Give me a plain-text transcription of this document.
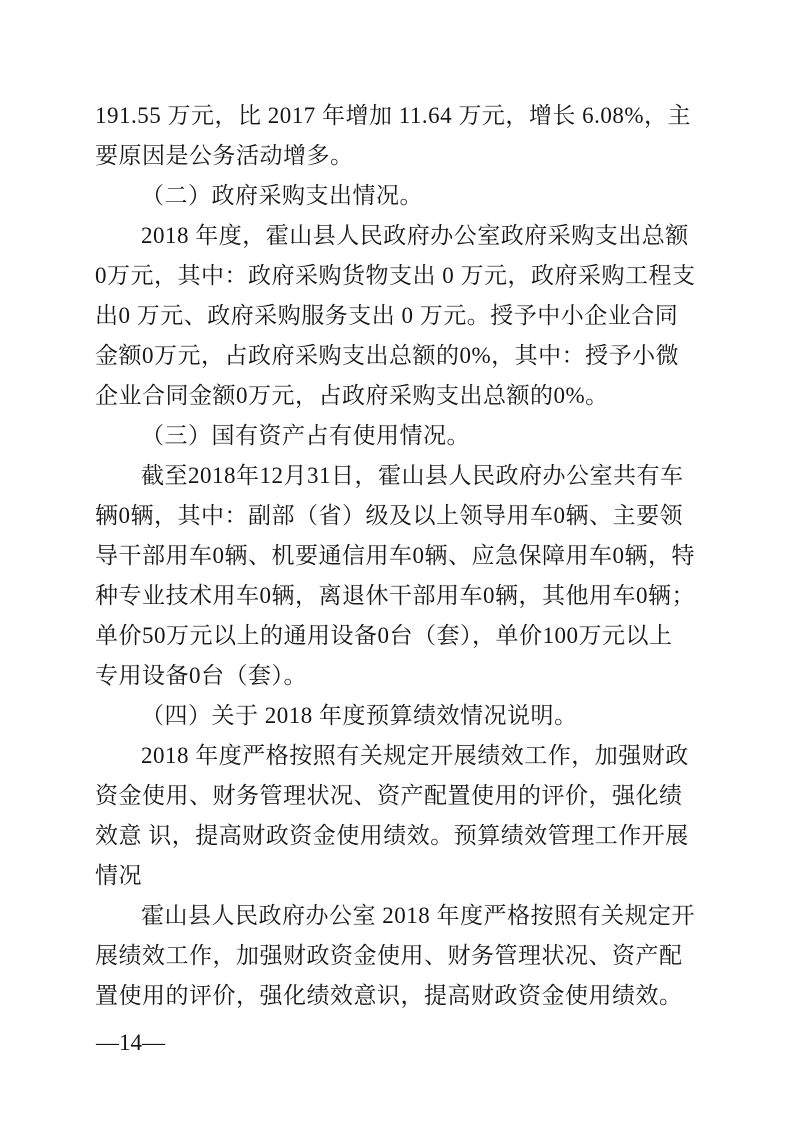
191.55 万元，比 2017 年增加 11.64 万元，增长 6.08%，主
要原因是公务活动增多。
（二）政府采购支出情况。
2018 年度，霍山县人民政府办公室政府采购支出总额
0万元，其中：政府采购货物支出 0 万元，政府采购工程支
出0 万元、政府采购服务支出 0 万元。授予中小企业合同
金额0万元，占政府采购支出总额的0%，其中：授予小微
企业合同金额0万元，占政府采购支出总额的0%。
（三）国有资产占有使用情况。
截至2018年12月31日，霍山县人民政府办公室共有车
辆0辆，其中：副部（省）级及以上领导用车0辆、主要领
导干部用车0辆、机要通信用车0辆、应急保障用车0辆，特
种专业技术用车0辆，离退休干部用车0辆，其他用车0辆；
单价50万元以上的通用设备0台（套），单价100万元以上
专用设备0台（套）。
（四）关于 2018 年度预算绩效情况说明。
2018 年度严格按照有关规定开展绩效工作，加强财政
资金使用、财务管理状况、资产配置使用的评价，强化绩
效意 识，提高财政资金使用绩效。预算绩效管理工作开展
情况
霍山县人民政府办公室 2018 年度严格按照有关规定开
展绩效工作，加强财政资金使用、财务管理状况、资产配
置使用的评价，强化绩效意识，提高财政资金使用绩效。
—14—
